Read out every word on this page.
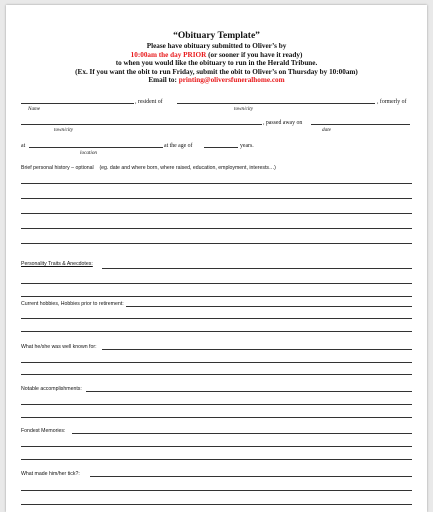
“Obituary Template”
Please have obituary submitted to Oliver’s by
10:00am the day PRIOR (or sooner if you have it ready)
to when you would like the obituary to run in the Herald Tribune.
(Ex. If you want the obit to run Friday, submit the obit to Oliver’s on Thursday by 10:00am)
Email to: printing@oliversfuneralhome.com
, resident of	, formerly of
Name	town/city
, passed away on
town/city	date
at	at the age of	years.
location
Brief personal history – optional (eg. date and where born, where raised, education, employment, interests…)
Personality Traits & Anecdotes:
Current hobbies, Hobbies prior to retirement:
What he/she was well known for:
Notable accomplishments:
Fondest Memories:
What made him/her tick?:
